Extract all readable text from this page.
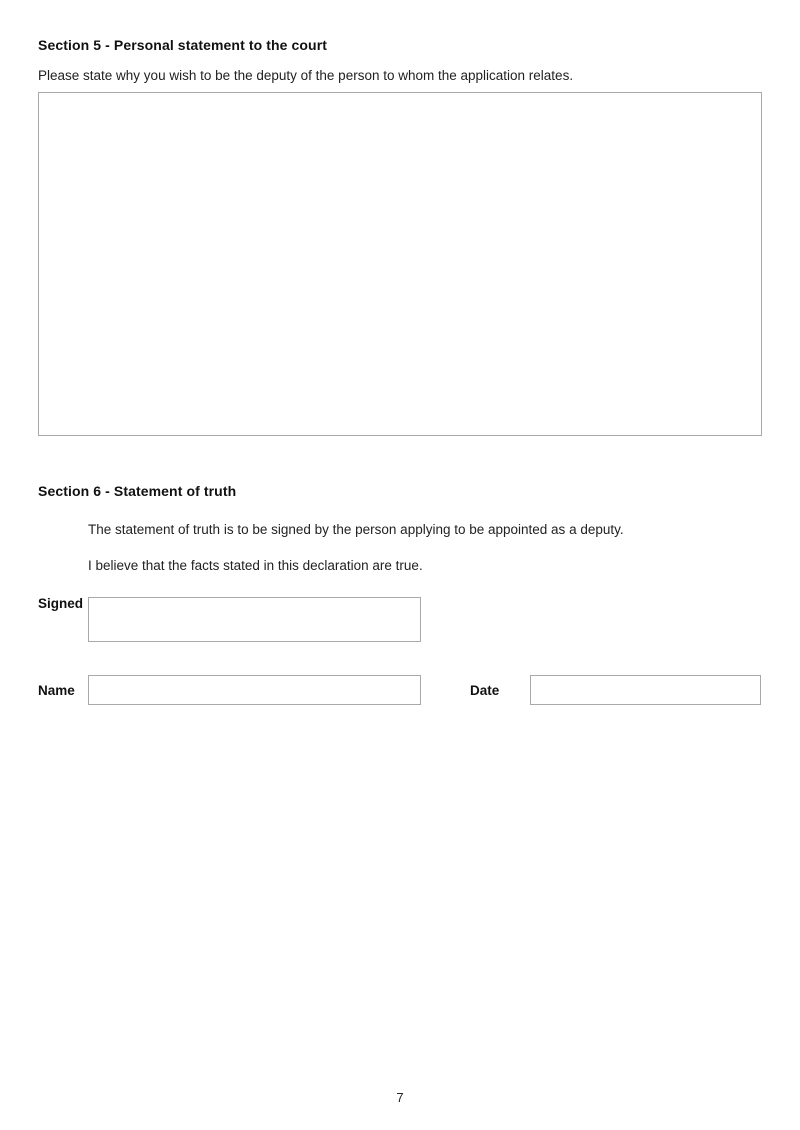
Section 5 - Personal statement to the court
Please state why you wish to be the deputy of the person to whom the application relates.
Section 6 - Statement of truth
The statement of truth is to be signed by the person applying to be appointed as a deputy.
I believe that the facts stated in this declaration are true.
Signed
Name	Date
7
